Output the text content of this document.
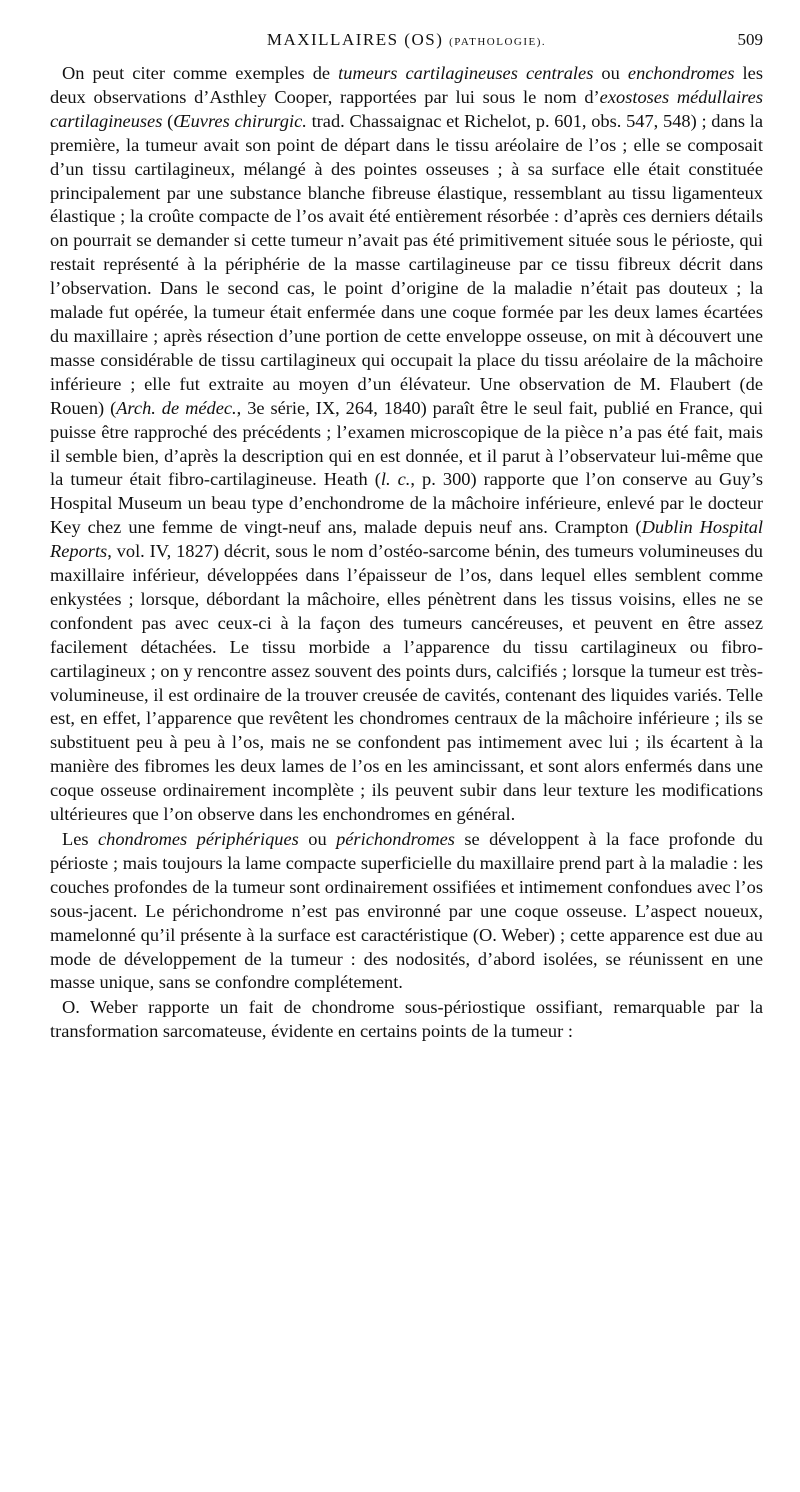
MAXILLAIRES (OS) (PATHOLOGIE).	509

On peut citer comme exemples de tumeurs cartilagineuses centrales ou enchondromes les deux observations d’Asthley Cooper, rapportées par lui sous le nom d’exostoses médullaires cartilagineuses (Œuvres chirurgic. trad. Chassaignac et Richelot, p. 601, obs. 547, 548) ; dans la première, la tumeur avait son point de départ dans le tissu aréolaire de l’os ; elle se composait d’un tissu cartilagineux, mélangé à des pointes osseuses ; à sa surface elle était constituée principalement par une substance blanche fibreuse élastique, ressemblant au tissu ligamenteux élastique ; la croûte compacte de l’os avait été entièrement résorbée : d’après ces derniers détails on pourrait se demander si cette tumeur n’avait pas été primitivement située sous le périoste, qui restait représenté à la périphérie de la masse cartilagineuse par ce tissu fibreux décrit dans l’observation. Dans le second cas, le point d’origine de la maladie n’était pas douteux ; la malade fut opérée, la tumeur était enfermée dans une coque formée par les deux lames écartées du maxillaire ; après résection d’une portion de cette enveloppe osseuse, on mit à découvert une masse considérable de tissu cartilagineux qui occupait la place du tissu aréolaire de la mâchoire inférieure ; elle fut extraite au moyen d’un élévateur. Une observation de M. Flaubert (de Rouen) (Arch. de médec., 3e série, IX, 264, 1840) paraît être le seul fait, publié en France, qui puisse être rapproché des précédents ; l’examen microscopique de la pièce n’a pas été fait, mais il semble bien, d’après la description qui en est donnée, et il parut à l’observateur lui-même que la tumeur était fibro-cartilagineuse. Heath (l. c., p. 300) rapporte que l’on conserve au Guy’s Hospital Museum un beau type d’enchondrome de la mâchoire inférieure, enlevé par le docteur Key chez une femme de vingt-neuf ans, malade depuis neuf ans. Crampton (Dublin Hospital Reports, vol. IV, 1827) décrit, sous le nom d’ostéo-sarcome bénin, des tumeurs volumineuses du maxillaire inférieur, développées dans l’épaisseur de l’os, dans lequel elles semblent comme enkystées ; lorsque, débordant la mâchoire, elles pénètrent dans les tissus voisins, elles ne se confondent pas avec ceux-ci à la façon des tumeurs cancéreuses, et peuvent en être assez facilement détachées. Le tissu morbide a l’apparence du tissu cartilagineux ou fibro-cartilagineux ; on y rencontre assez souvent des points durs, calcifiés ; lorsque la tumeur est très-volumineuse, il est ordinaire de la trouver creusée de cavités, contenant des liquides variés. Telle est, en effet, l’apparence que revêtent les chondromes centraux de la mâchoire inférieure ; ils se substituent peu à peu à l’os, mais ne se confondent pas intimement avec lui ; ils écartent à la manière des fibromes les deux lames de l’os en les amincissant, et sont alors enfermés dans une coque osseuse ordinairement incomplète ; ils peuvent subir dans leur texture les modifications ultérieures que l’on observe dans les enchondromes en général.

Les chondromes périphériques ou périchondromes se développent à la face profonde du périoste ; mais toujours la lame compacte superficielle du maxillaire prend part à la maladie : les couches profondes de la tumeur sont ordinairement ossifiées et intimement confondues avec l’os sous-jacent. Le périchondrome n’est pas environné par une coque osseuse. L’aspect noueux, mamelonné qu’il présente à la surface est caractéristique (O. Weber) ; cette apparence est due au mode de développement de la tumeur : des nodosités, d’abord isolées, se réunissent en une masse unique, sans se confondre complétement.

O. Weber rapporte un fait de chondrome sous-périostique ossifiant, remarquable par la transformation sarcomateuse, évidente en certains points de la tumeur :
